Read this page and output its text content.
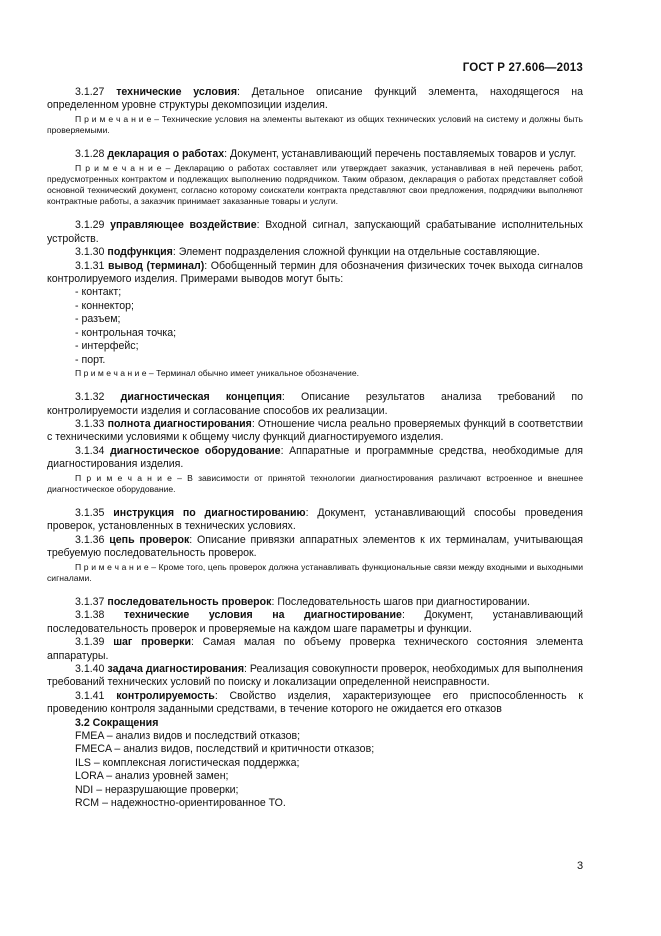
ГОСТ Р 27.606—2013

3.1.27 технические условия: Детальное описание функций элемента, находящегося на определенном уровне структуры декомпозиции изделия.

П р и м е ч а н и е – Технические условия на элементы вытекают из общих технических условий на систему и должны быть проверяемыми.

3.1.28 декларация о работах: Документ, устанавливающий перечень поставляемых товаров и услуг.

П р и м е ч а н и е – Декларацию о работах составляет или утверждает заказчик, устанавливая в ней перечень работ, предусмотренных контрактом и подлежащих выполнению подрядчиком. Таким образом, декларация о работах представляет собой основной технический документ, согласно которому соискатели контракта представляют свои предложения, подрядчики выполняют контрактные работы, а заказчик принимает заказанные товары и услуги.

3.1.29 управляющее воздействие: Входной сигнал, запускающий срабатывание исполнительных устройств.

3.1.30 подфункция: Элемент подразделения сложной функции на отдельные составляющие.

3.1.31 вывод (терминал): Обобщенный термин для обозначения физических точек выхода сигналов контролируемого изделия. Примерами выводов могут быть:

- контакт;

- коннектор;

- разъем;

- контрольная точка;

- интерфейс;

- порт.

П р и м е ч а н и е – Терминал обычно имеет уникальное обозначение.

3.1.32 диагностическая концепция: Описание результатов анализа требований по контролируемости изделия и согласование способов их реализации.

3.1.33 полнота диагностирования: Отношение числа реально проверяемых функций в соответствии с техническими условиями к общему числу функций диагностируемого изделия.

3.1.34 диагностическое оборудование: Аппаратные и программные средства, необходимые для диагностирования изделия.

П р и м е ч а н и е – В зависимости от принятой технологии диагностирования различают встроенное и внешнее диагностическое оборудование.

3.1.35 инструкция по диагностированию: Документ, устанавливающий способы проведения проверок, установленных в технических условиях.

3.1.36 цепь проверок: Описание привязки аппаратных элементов к их терминалам, учитывающая требуемую последовательность проверок.

П р и м е ч а н и е – Кроме того, цепь проверок должна устанавливать функциональные связи между входными и выходными сигналами.

3.1.37 последовательность проверок: Последовательность шагов при диагностировании.

3.1.38 технические условия на диагностирование: Документ, устанавливающий последовательность проверок и проверяемые на каждом шаге параметры и функции.

3.1.39 шаг проверки: Самая малая по объему проверка технического состояния элемента аппаратуры.

3.1.40 задача диагностирования: Реализация совокупности проверок, необходимых для выполнения требований технических условий по поиску и локализации определенной неисправности.

3.1.41 контролируемость: Свойство изделия, характеризующее его приспособленность к проведению контроля заданными средствами, в течение которого не ожидается его отказов

3.2 Сокращения

FMEA – анализ видов и последствий отказов;

FMECA – анализ видов, последствий и критичности отказов;

ILS – комплексная логистическая поддержка;

LORA – анализ уровней замен;

NDI – неразрушающие проверки;

RCM – надежностно-ориентированное ТО.

3
